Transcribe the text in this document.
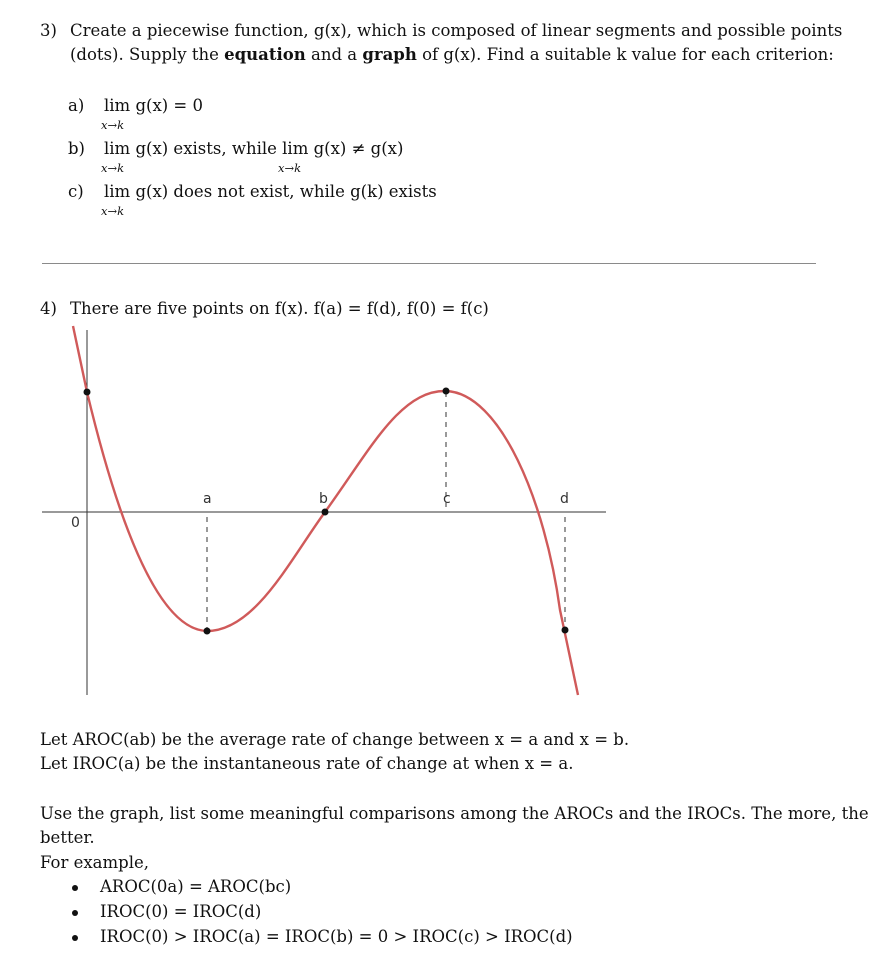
3) Create a piecewise function, g(x), which is composed of linear segments and possible points
(dots). Supply the equation and a graph of g(x). Find a suitable k value for each criterion:
a) lim g(x) = 0
x→k
b) lim g(x) exists, while lim g(x) ≠ g(x)
x→k	x→k
c) lim g(x) does not exist, while g(k) exists
x→k
4) There are five points on f(x). f(a) = f(d), f(0) = f(c)
0
a	b	c	d
Let AROC(ab) be the average rate of change between x = a and x = b.
Let IROC(a) be the instantaneous rate of change at when x = a.
Use the graph, list some meaningful comparisons among the AROCs and the IROCs. The more, the
better.
For example,
AROC(0a) = AROC(bc)
IROC(0) = IROC(d)
IROC(0) > IROC(a) = IROC(b) = 0 > IROC(c) > IROC(d)
